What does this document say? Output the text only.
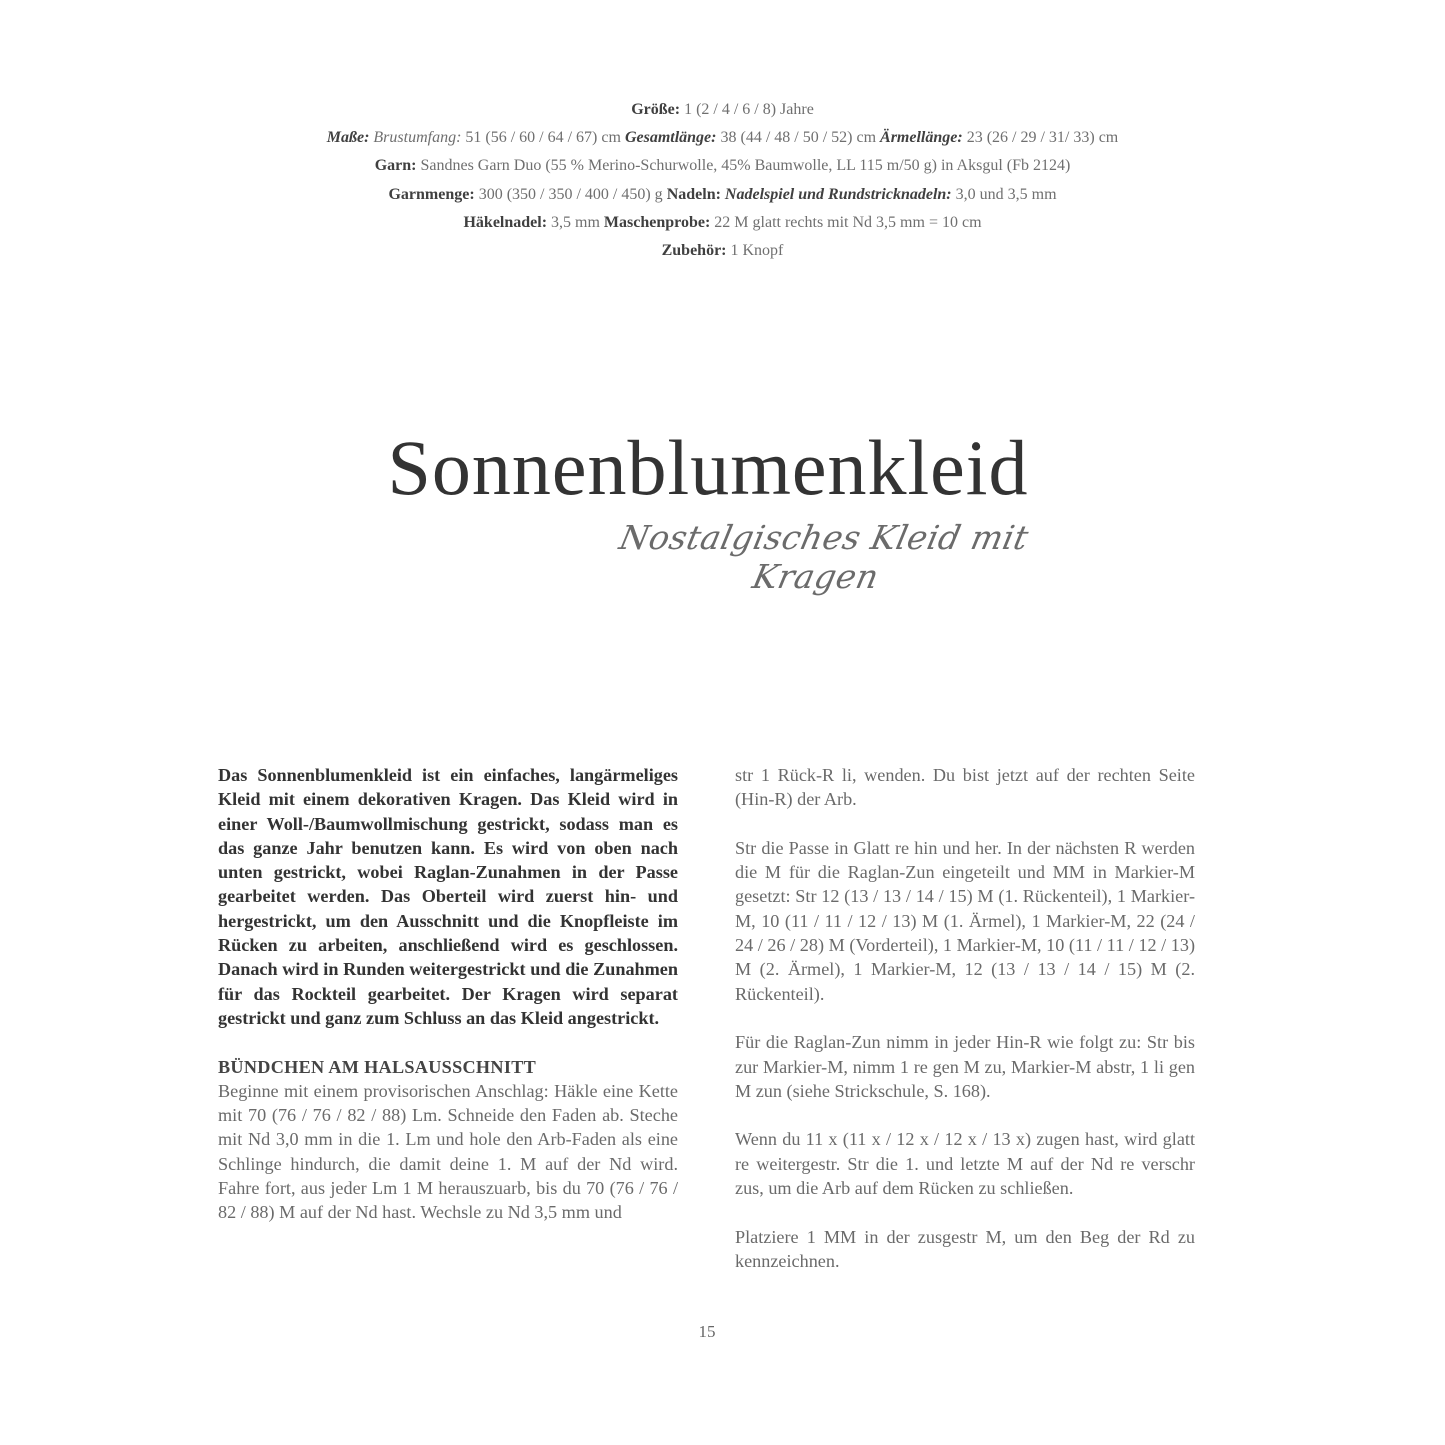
Größe: 1 (2 / 4 / 6 / 8) Jahre
Maße: Brustumfang: 51 (56 / 60 / 64 / 67) cm Gesamtlänge: 38 (44 / 48 / 50 / 52) cm Ärmellänge: 23 (26 / 29 / 31/ 33) cm
Garn: Sandnes Garn Duo (55 % Merino-Schurwolle, 45% Baumwolle, LL 115 m/50 g) in Aksgul (Fb 2124)
Garnmenge: 300 (350 / 350 / 400 / 450) g Nadeln: Nadelspiel und Rundstricknadeln: 3,0 und 3,5 mm
Häkelnadel: 3,5 mm Maschenprobe: 22 M glatt rechts mit Nd 3,5 mm = 10 cm
Zubehör: 1 Knopf
Sonnenblumenkleid
Nostalgisches Kleid mit Kragen

Das Sonnenblumenkleid ist ein einfaches, langärmeliges Kleid mit einem dekorativen Kragen. Das Kleid wird in einer Woll-/Baumwollmischung gestrickt, sodass man es das ganze Jahr benutzen kann. Es wird von oben nach unten gestrickt, wobei Raglan-Zunahmen in der Passe gearbeitet werden. Das Oberteil wird zuerst hin- und hergestrickt, um den Ausschnitt und die Knopfleiste im Rücken zu arbeiten, anschließend wird es geschlossen. Danach wird in Runden weitergestrickt und die Zunahmen für das Rockteil gearbeitet. Der Kragen wird separat gestrickt und ganz zum Schluss an das Kleid angestrickt.

BÜNDCHEN AM HALSAUSSCHNITT

Beginne mit einem provisorischen Anschlag: Häkle eine Kette mit 70 (76 / 76 / 82 / 88) Lm. Schneide den Faden ab. Steche mit Nd 3,0 mm in die 1. Lm und hole den Arb-Faden als eine Schlinge hindurch, die damit deine 1. M auf der Nd wird. Fahre fort, aus jeder Lm 1 M herauszuarb, bis du 70 (76 / 76 / 82 / 88) M auf der Nd hast. Wechsle zu Nd 3,5 mm und

str 1 Rück-R li, wenden. Du bist jetzt auf der rechten Seite (Hin-R) der Arb.

Str die Passe in Glatt re hin und her. In der nächsten R werden die M für die Raglan-Zun eingeteilt und MM in Markier-M gesetzt: Str 12 (13 / 13 / 14 / 15) M (1. Rückenteil), 1 Markier-M, 10 (11 / 11 / 12 / 13) M (1. Ärmel), 1 Markier-M, 22 (24 / 24 / 26 / 28) M (Vorderteil), 1 Markier-M, 10 (11 / 11 / 12 / 13) M (2. Ärmel), 1 Markier-M, 12 (13 / 13 / 14 / 15) M (2. Rückenteil).

Für die Raglan-Zun nimm in jeder Hin-R wie folgt zu: Str bis zur Markier-M, nimm 1 re gen M zu, Markier-M abstr, 1 li gen M zun (siehe Strickschule, S. 168).

Wenn du 11 x (11 x / 12 x / 12 x / 13 x) zugen hast, wird glatt re weitergestr. Str die 1. und letzte M auf der Nd re verschr zus, um die Arb auf dem Rücken zu schließen.

Platziere 1 MM in der zusgestr M, um den Beg der Rd zu kennzeichnen.

15
